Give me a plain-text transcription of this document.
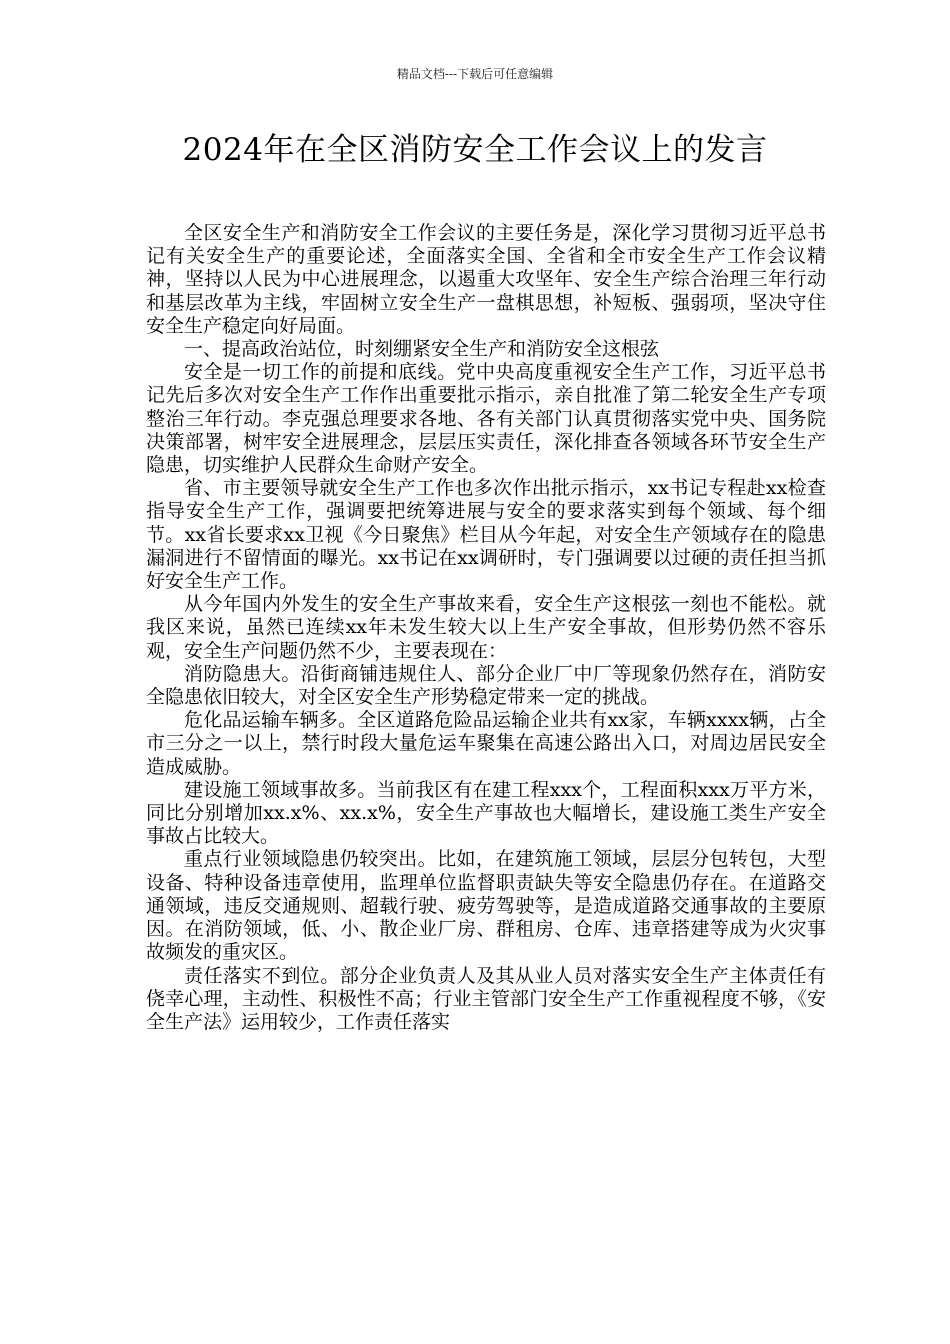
精品文档---下载后可任意编辑
2024年在全区消防安全工作会议上的发言

全区安全生产和消防安全工作会议的主要任务是，深化学习贯彻习近平总书记有关安全生产的重要论述，全面落实全国、全省和全市安全生产工作会议精神，坚持以人民为中心进展理念，以遏重大攻坚年、安全生产综合治理三年行动和基层改革为主线，牢固树立安全生产一盘棋思想，补短板、强弱项，坚决守住安全生产稳定向好局面。

一、提高政治站位，时刻绷紧安全生产和消防安全这根弦

安全是一切工作的前提和底线。党中央高度重视安全生产工作，习近平总书记先后多次对安全生产工作作出重要批示指示，亲自批准了第二轮安全生产专项整治三年行动。李克强总理要求各地、各有关部门认真贯彻落实党中央、国务院决策部署，树牢安全进展理念，层层压实责任，深化排查各领域各环节安全生产隐患，切实维护人民群众生命财产安全。

省、市主要领导就安全生产工作也多次作出批示指示，xx书记专程赴xx检查指导安全生产工作，强调要把统筹进展与安全的要求落实到每个领域、每个细节。xx省长要求xx卫视《今日聚焦》栏目从今年起，对安全生产领域存在的隐患漏洞进行不留情面的曝光。xx书记在xx调研时，专门强调要以过硬的责任担当抓好安全生产工作。

从今年国内外发生的安全生产事故来看，安全生产这根弦一刻也不能松。就我区来说，虽然已连续xx年未发生较大以上生产安全事故，但形势仍然不容乐观，安全生产问题仍然不少，主要表现在：

消防隐患大。沿街商铺违规住人、部分企业厂中厂等现象仍然存在，消防安全隐患依旧较大，对全区安全生产形势稳定带来一定的挑战。

危化品运输车辆多。全区道路危险品运输企业共有xx家，车辆xxxx辆，占全市三分之一以上，禁行时段大量危运车聚集在高速公路出入口，对周边居民安全造成威胁。

建设施工领域事故多。当前我区有在建工程xxx个，工程面积xxx万平方米，同比分别增加xx.x%、xx.x%，安全生产事故也大幅增长，建设施工类生产安全事故占比较大。

重点行业领域隐患仍较突出。比如，在建筑施工领域，层层分包转包，大型设备、特种设备违章使用，监理单位监督职责缺失等安全隐患仍存在。在道路交通领域，违反交通规则、超载行驶、疲劳驾驶等，是造成道路交通事故的主要原因。在消防领域，低、小、散企业厂房、群租房、仓库、违章搭建等成为火灾事故频发的重灾区。

责任落实不到位。部分企业负责人及其从业人员对落实安全生产主体责任有侥幸心理，主动性、积极性不高；行业主管部门安全生产工作重视程度不够，《安全生产法》运用较少，工作责任落实
